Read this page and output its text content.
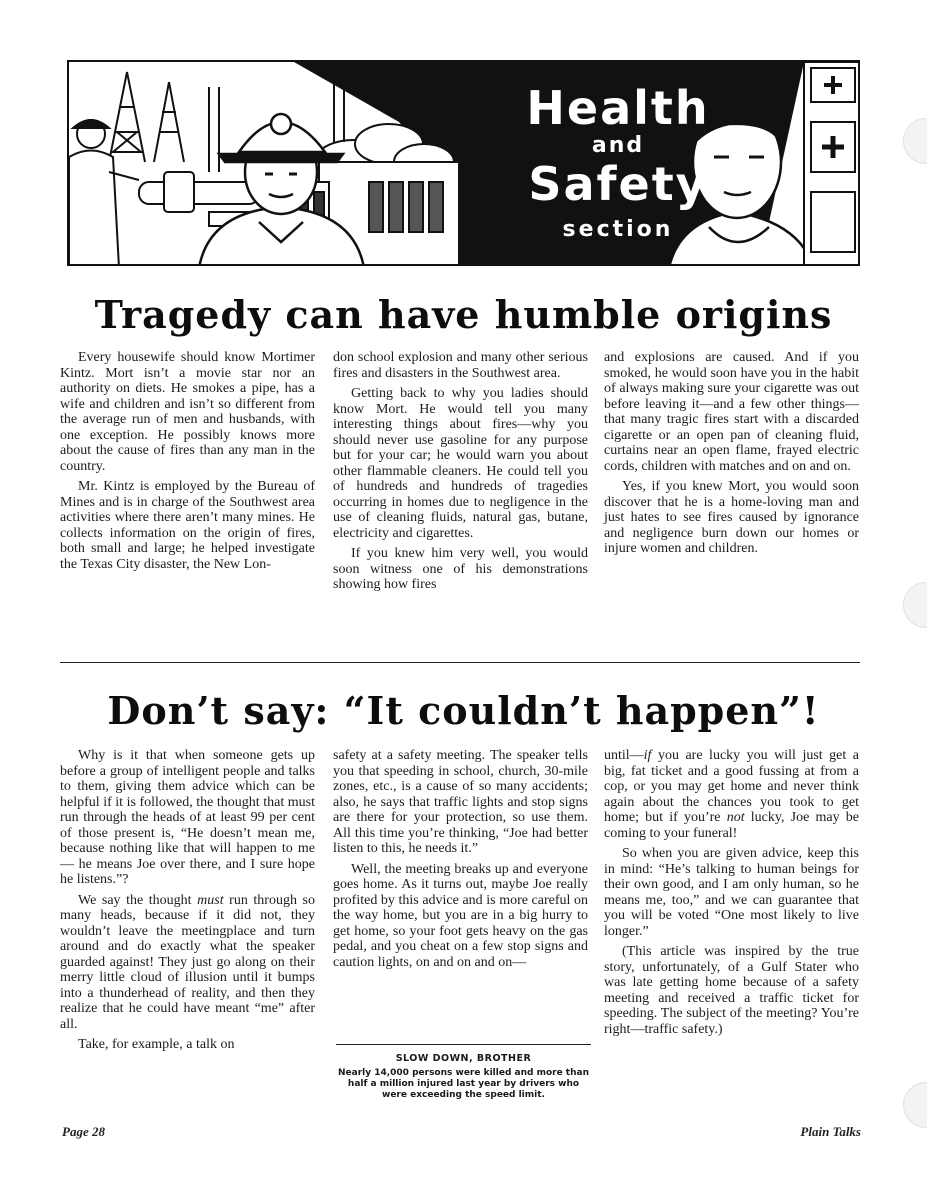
Health
and
Safety
section
Tragedy can have humble origins

Every housewife should know Mortimer Kintz. Mort isn’t a movie star nor an authority on diets. He smokes a pipe, has a wife and children and isn’t so different from the average run of men and husbands, with one exception. He possibly knows more about the cause of fires than any man in the country.

Mr. Kintz is employed by the Bureau of Mines and is in charge of the Southwest area activities where there aren’t many mines. He collects information on the origin of fires, both small and large; he helped investigate the Texas City disaster, the New Lon-

don school explosion and many other serious fires and disasters in the Southwest area.

Getting back to why you ladies should know Mort. He would tell you many interesting things about fires—why you should never use gasoline for any purpose but for your car; he would warn you about other flammable cleaners. He could tell you of hundreds and hundreds of tragedies occurring in homes due to negligence in the use of cleaning fluids, natural gas, butane, electricity and cigarettes.

If you knew him very well, you would soon witness one of his demonstrations showing how fires

and explosions are caused. And if you smoked, he would soon have you in the habit of always making sure your cigarette was out before leaving it—and a few other things—that many tragic fires start with a discarded cigarette or an open pan of cleaning fluid, curtains near an open flame, frayed electric cords, children with matches and on and on.

Yes, if you knew Mort, you would soon discover that he is a home-loving man and just hates to see fires caused by ignorance and negligence burn down our homes or injure women and children.

Don’t say: “It couldn’t happen”!

Why is it that when someone gets up before a group of intelligent people and talks to them, giving them advice which can be helpful if it is followed, the thought that must run through the heads of at least 99 per cent of those present is, “He doesn’t mean me, because nothing like that will happen to me — he means Joe over there, and I sure hope he listens.”?

We say the thought must run through so many heads, because if it did not, they wouldn’t leave the meetingplace and turn around and do exactly what the speaker guarded against! They just go along on their merry little cloud of illusion until it bumps into a thunderhead of reality, and then they realize that he could have meant “me” after all.

Take, for example, a talk on

safety at a safety meeting. The speaker tells you that speeding in school, church, 30-mile zones, etc., is a cause of so many accidents; also, he says that traffic lights and stop signs are there for your protection, so use them. All this time you’re thinking, “Joe had better listen to this, he needs it.”

Well, the meeting breaks up and everyone goes home. As it turns out, maybe Joe really profited by this advice and is more careful on the way home, but you are in a big hurry to get home, so your foot gets heavy on the gas pedal, and you cheat on a few stop signs and caution lights, on and on and on—

until—if you are lucky you will just get a big, fat ticket and a good fussing at from a cop, or you may get home and never think again about the chances you took to get home; but if you’re not lucky, Joe may be coming to your funeral!

So when you are given advice, keep this in mind: “He’s talking to human beings for their own good, and I am only human, so he means me, too,” and we can guarantee that you will be voted “One most likely to live longer.”

(This article was inspired by the true story, unfortunately, of a Gulf Stater who was late getting home because of a safety meeting and received a traffic ticket for speeding. The subject of the meeting? You’re right—traffic safety.)

SLOW DOWN, BROTHER
Nearly 14,000 persons were killed and more than half a million injured last year by drivers who were exceeding the speed limit.
Page 28	Plain Talks
